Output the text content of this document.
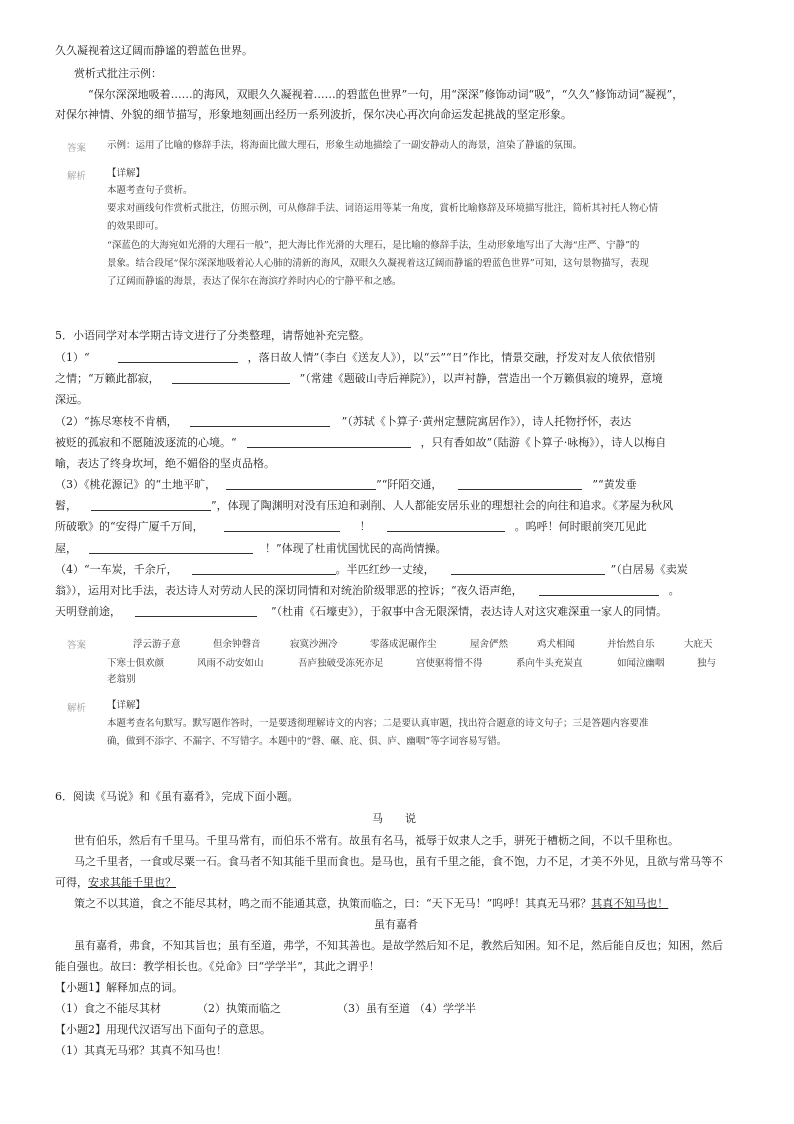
久久凝视着这辽阔而静谧的碧蓝色世界。
赏析式批注示例：
“保尔深深地吸着……的海风，双眼久久凝视着……的碧蓝色世界”一句，用“深深”修饰动词“吸”，“久久”修饰动词“凝视”，
对保尔神情、外貌的细节描写，形象地刻画出经历一系列波折，保尔决心再次向命运发起挑战的坚定形象。
答案 示例：运用了比喻的修辞手法，将海面比做大理石，形象生动地描绘了一副安静动人的海景，渲染了静谧的氛围。
解析 【详解】
本题考查句子赏析。
要求对画线句作赏析式批注，仿照示例，可从修辞手法、词语运用等某一角度，賞析比喻修辞及环境描写批注，简析其衬托人物心情
的效果即可。
“深蓝色的大海宛如光滑的大理石一般”，把大海比作光滑的大理石，是比喻的修辞手法，生动形象地写出了大海“庄严、宁静”的
景象。结合段尾“保尔深深地吸着沁人心肺的清新的海风，双眼久久凝视着这辽阔而静谧的碧蓝色世界”可知，这句景物描写，表现
了辽阔而静谧的海景，表达了保尔在海滨疗养时内心的宁静平和之感。
5．小语同学对本学期古诗文进行了分类整理，请帮她补充完整。
（1）“	，落日故人情”（李白《送友人》），以“云”“日”作比，情景交融，抒发对友人依依惜别
之情；“万籁此都寂，	”（常建《题破山寺后禅院》），以声衬静，营造出一个万籁俱寂的境界，意境
深远。
（2）“拣尽寒枝不肯栖，	”（苏轼《卜算子·黄州定慧院寓居作》），诗人托物抒怀，表达
被贬的孤寂和不愿随波逐流的心境。“	，只有香如故”（陆游《卜算子·咏梅》），诗人以梅自
喻，表达了终身坎坷，绝不媚俗的坚贞品格。
（3）《桃花源记》的“土地平旷，	”“阡陌交通，	”“黄发垂
髫，	”，体现了陶渊明对没有压迫和剥削、人人都能安居乐业的理想社会的向往和追求。《茅屋为秋风
所破歌》的“安得广厦千万间，	！	。呜呼！何时眼前突兀见此
屋，	！”体现了杜甫忧国忧民的高尚情操。
（4）“一车炭，千余斤，	。半匹红纱一丈绫，	”（白居易《卖炭
翁》），运用对比手法，表达诗人对劳动人民的深切同情和对统治阶级罪恶的控诉；“夜久语声绝，	。
天明登前途，	”（杜甫《石壕吏》），于叙事中含无限深情，表达诗人对这灾难深重一家人的同情。
答案	浮云游子意	但余钟磬音	寂寞沙洲冷	零落成泥碾作尘	屋舍俨然	鸡犬相闻	并怡然自乐	大庇天
下寒士俱欢颜	风雨不动安如山	吾庐独破受冻死亦足	宫使驱将惜不得	系向牛头充炭直	如闻泣幽咽	独与
老翁别
解析 【详解】
本题考查名句默写。默写题作答时，一是要透彻理解诗文的内容；二是要认真审题，找出符合题意的诗文句子；三是答题内容要准
确，做到不添字、不漏字、不写错字。本题中的“磬、碾、庇、俱、庐、幽咽”等字词容易写错。
6．阅读《马说》和《虽有嘉肴》，完成下面小题。
马　　说
世有伯乐，然后有千里马。千里马常有，而伯乐不常有。故虽有名马，祗辱于奴隶人之手，骈死于槽枥之间，不以千里称也。
马之千里者，一食或尽粟一石。食马者不知其能千里而食也。是马也，虽有千里之能，食不饱，力不足，才美不外见，且欲与常马等不
可得，安求其能千里也？
策之不以其道，食之不能尽其材，鸣之而不能通其意，执策而临之，曰：“天下无马！”呜呼！其真无马邪？其真不知马也！
虽有嘉肴
虽有嘉肴，弗食，不知其旨也；虽有至道，弗学，不知其善也。是故学然后知不足，教然后知困。知不足，然后能自反也；知困，然后
能自强也。故曰：教学相长也。《兑命》曰“学学半”，其此之谓乎！
【小题1】解释加点的词。
（1）食之不能尽其材	（2）执策而临之	（3）虽有至道 （4）学学半
【小题2】用现代汉语写出下面句子的意思。
（1）其真无马邪？其真不知马也！
